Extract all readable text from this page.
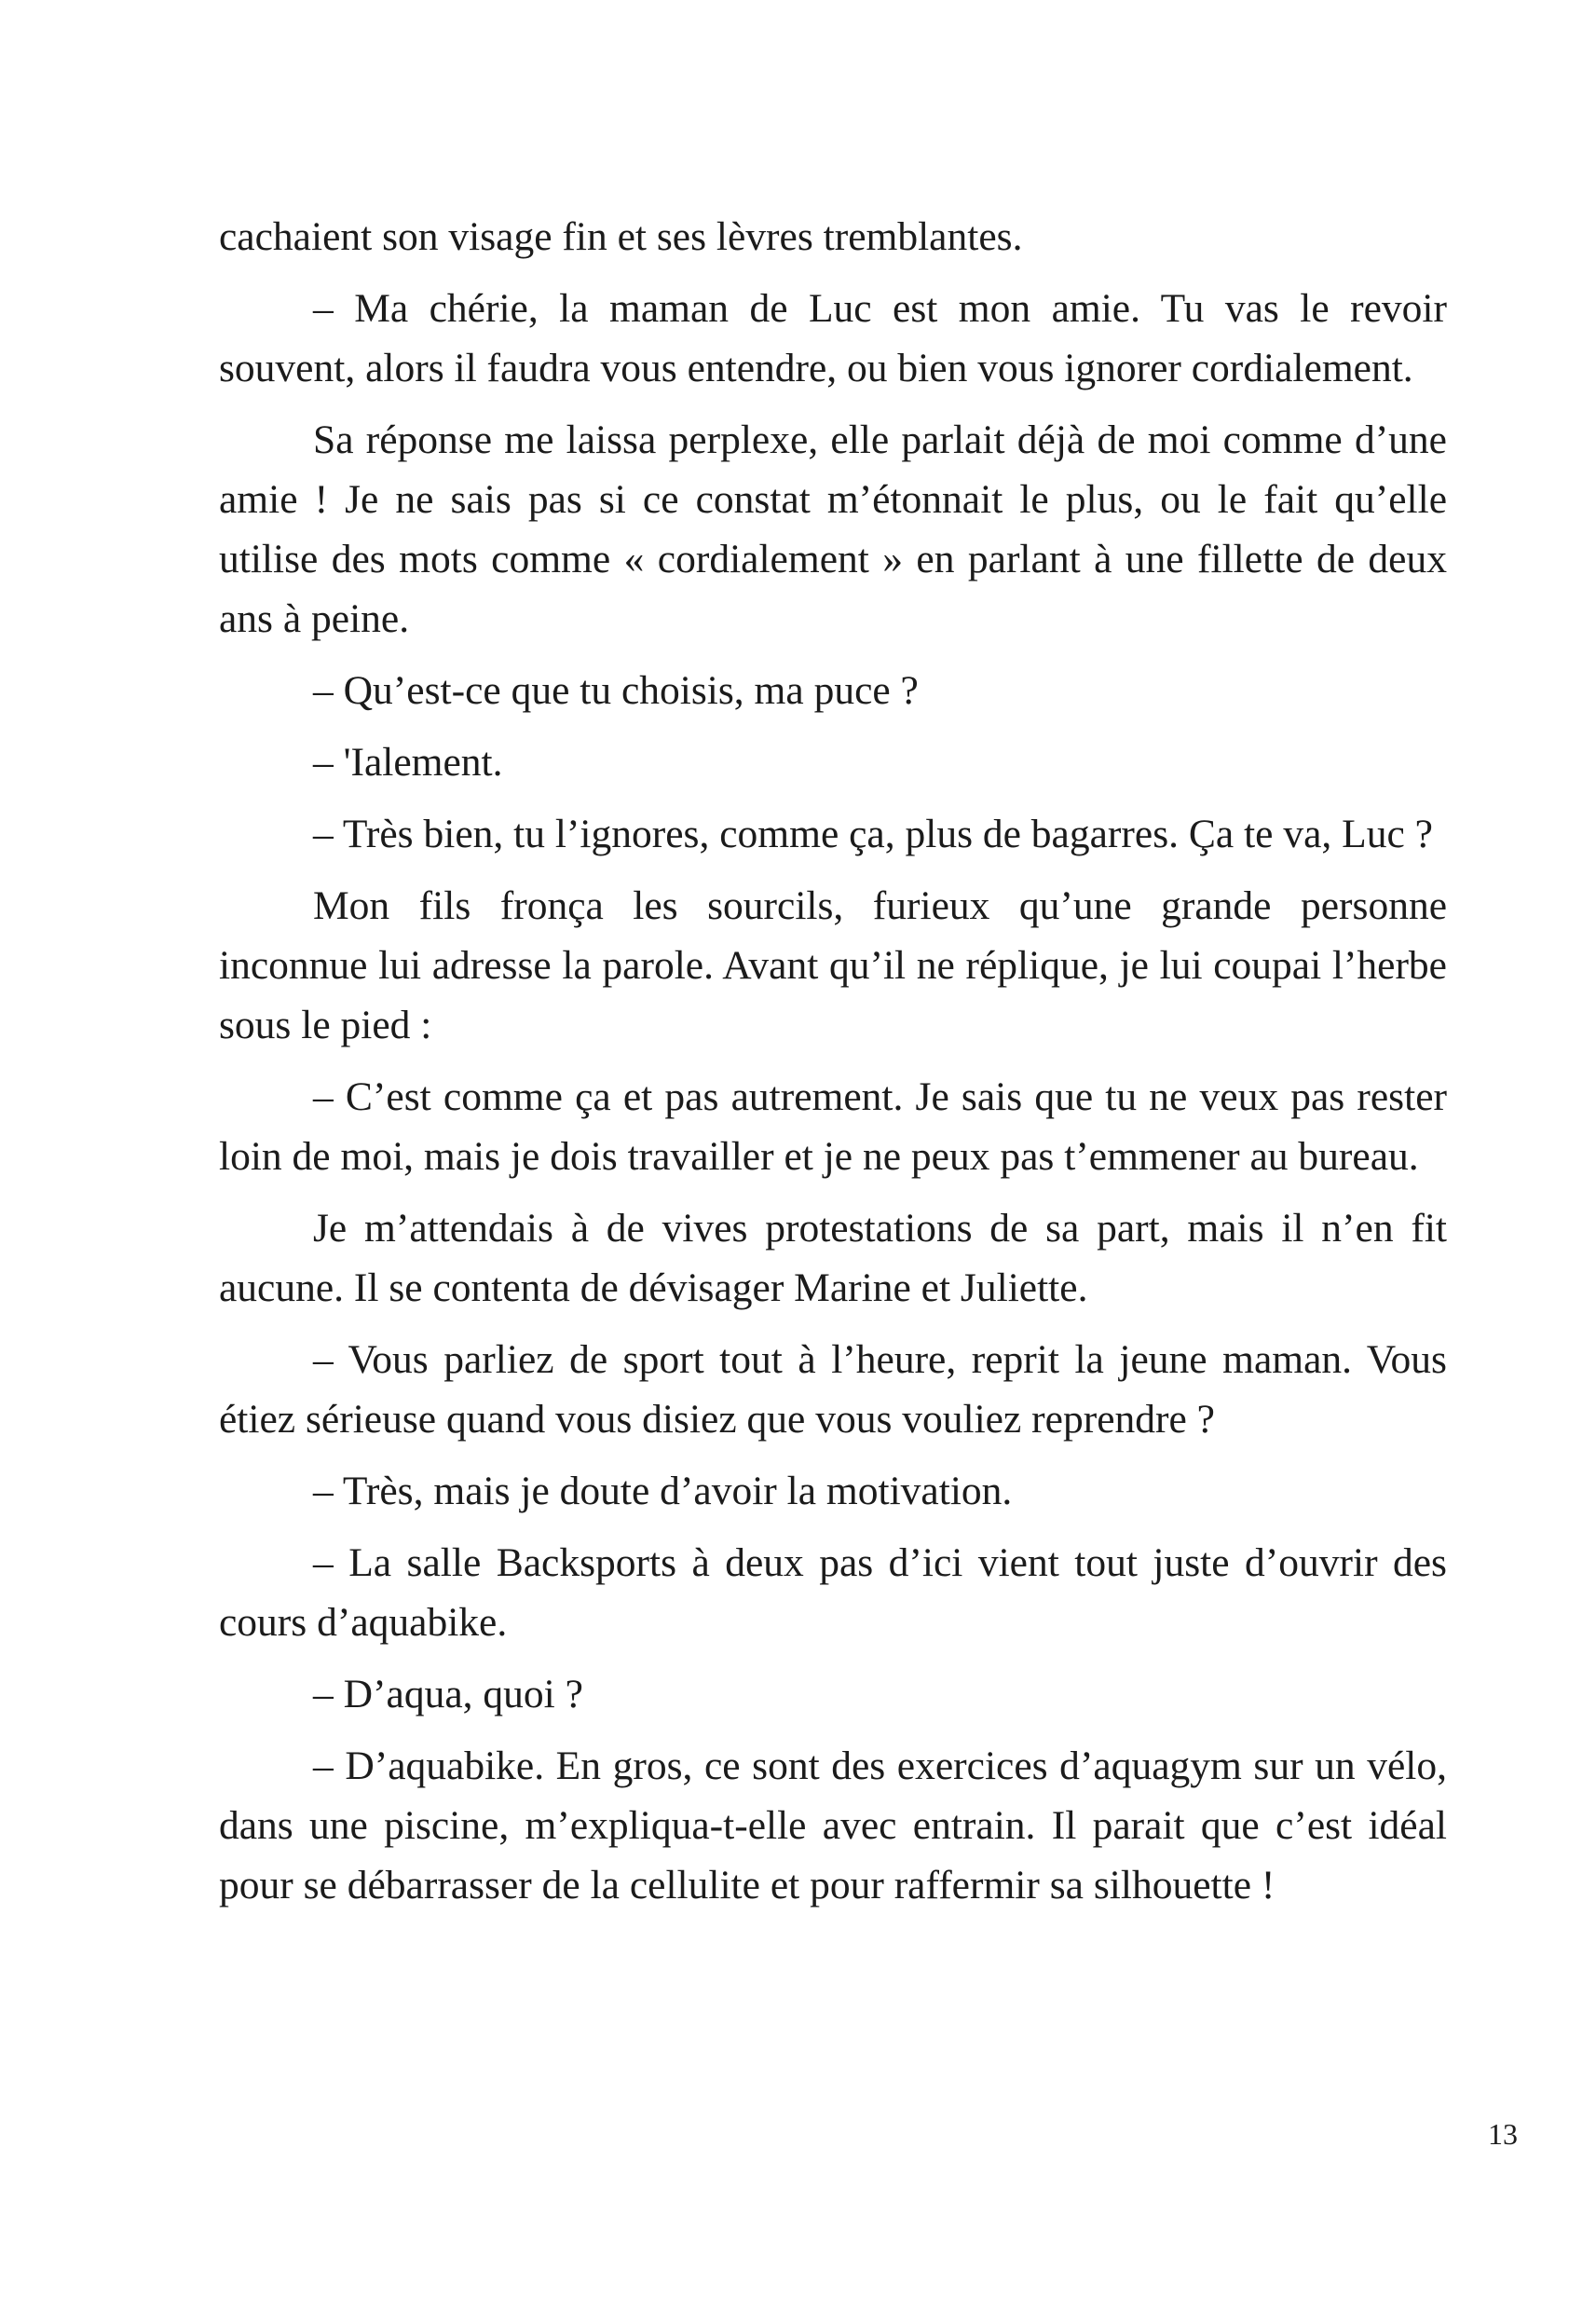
cachaient son visage fin et ses lèvres tremblantes.

– Ma chérie, la maman de Luc est mon amie. Tu vas le revoir souvent, alors il faudra vous entendre, ou bien vous ignorer cordialement.

Sa réponse me laissa perplexe, elle parlait déjà de moi comme d’une amie ! Je ne sais pas si ce constat m’étonnait le plus, ou le fait qu’elle utilise des mots comme « cordialement » en parlant à une fillette de deux ans à peine.

– Qu’est-ce que tu choisis, ma puce ?

– 'Ialement.

– Très bien, tu l’ignores, comme ça, plus de bagarres. Ça te va, Luc ?

Mon fils fronça les sourcils, furieux qu’une grande personne inconnue lui adresse la parole. Avant qu’il ne réplique, je lui coupai l’herbe sous le pied :

– C’est comme ça et pas autrement. Je sais que tu ne veux pas rester loin de moi, mais je dois travailler et je ne peux pas t’emmener au bureau.

Je m’attendais à de vives protestations de sa part, mais il n’en fit aucune. Il se contenta de dévisager Marine et Juliette.

– Vous parliez de sport tout à l’heure, reprit la jeune maman. Vous étiez sérieuse quand vous disiez que vous vouliez reprendre ?

– Très, mais je doute d’avoir la motivation.

– La salle Backsports à deux pas d’ici vient tout juste d’ouvrir des cours d’aquabike.

– D’aqua, quoi ?

– D’aquabike. En gros, ce sont des exercices d’aquagym sur un vélo, dans une piscine, m’expliqua-t-elle avec entrain. Il parait que c’est idéal pour se débarrasser de la cellulite et pour raffermir sa silhouette !

13
